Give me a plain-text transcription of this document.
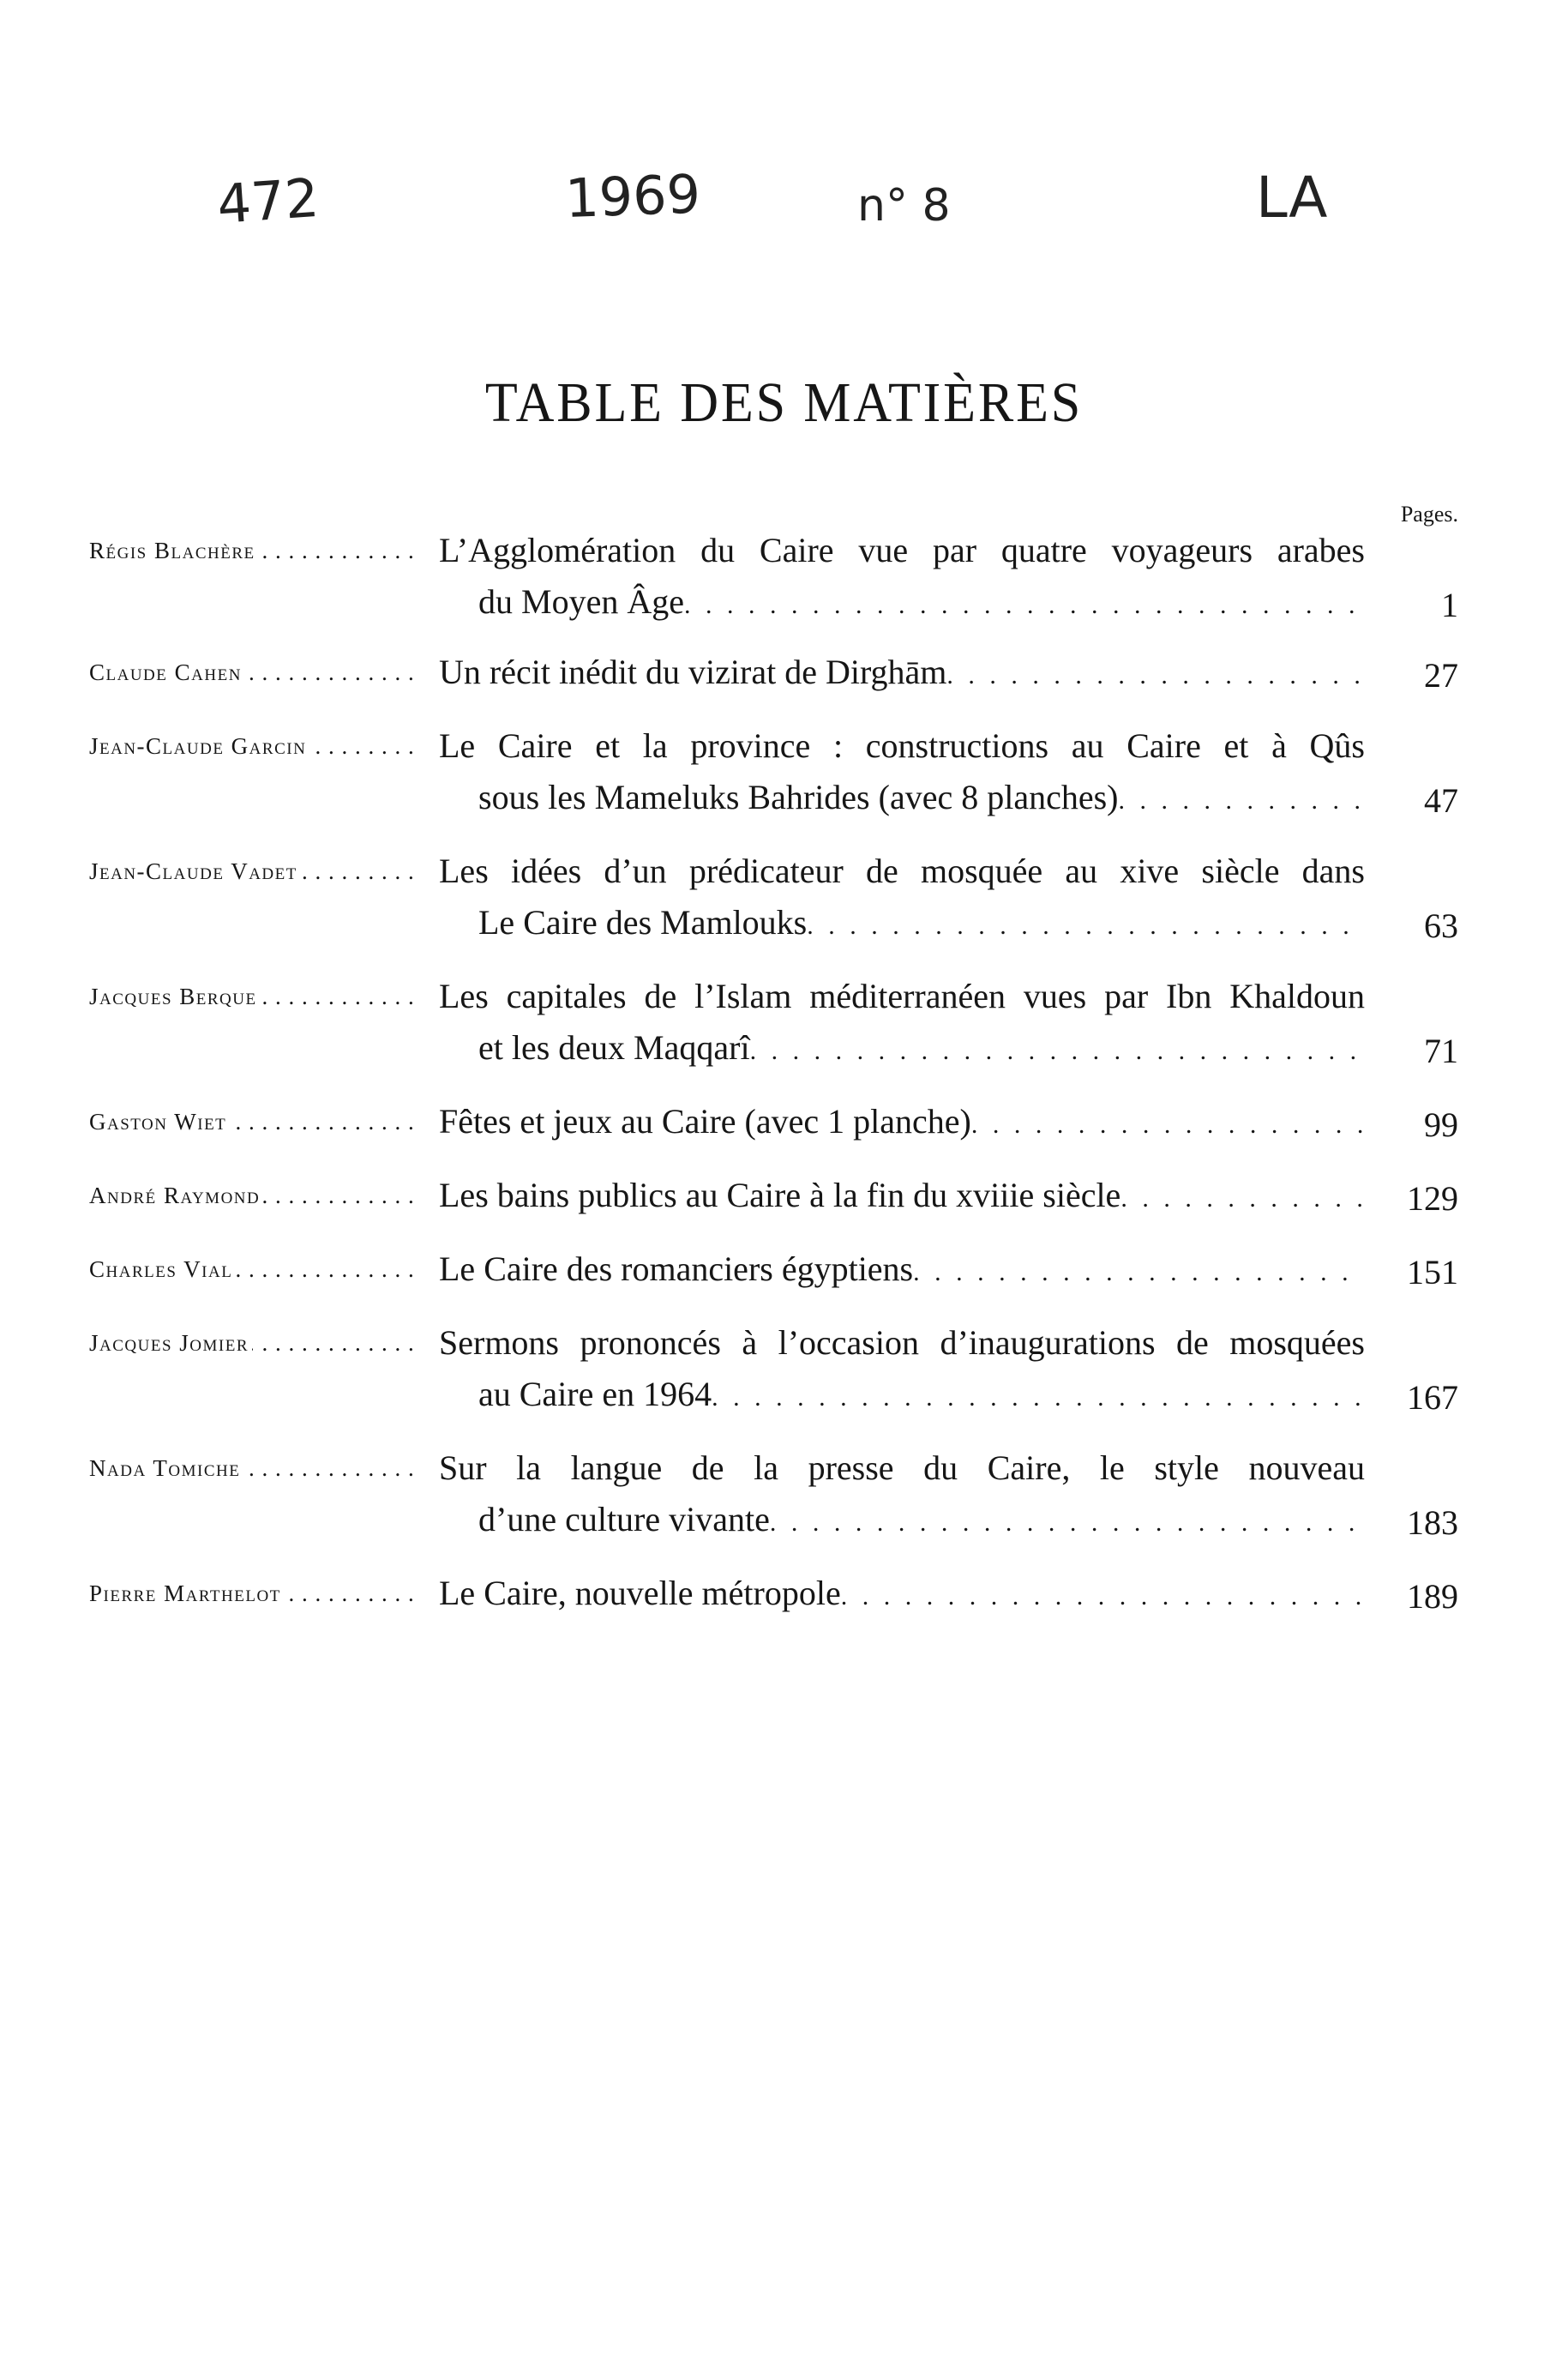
472	1969	n° 8	LA
TABLE DES MATIÈRES
Pages.
Régis Blachère . . .	L’Agglomération du Caire vue par quatre voyageurs arabes
du Moyen Âge . . .	1
Claude Cahen . . .	Un récit inédit du vizirat de Dirghām . . .	27
Jean-Claude Garcin . . .	Le Caire et la province : constructions au Caire et à Qûs
sous les Mameluks Bahrides (avec 8 planches) . . .	47
Jean-Claude Vadet . . .	Les idées d’un prédicateur de mosquée au xive siècle dans
Le Caire des Mamlouks . . .	63
Jacques Berque . . .	Les capitales de l’Islam méditerranéen vues par Ibn Khaldoun
et les deux Maqqarî . . .	71
Gaston Wiet . . .	Fêtes et jeux au Caire (avec 1 planche) . . .	99
André Raymond . . .	Les bains publics au Caire à la fin du xviiie siècle . . .	129
Charles Vial . . .	Le Caire des romanciers égyptiens . . .	151
Jacques Jomier . . .	Sermons prononcés à l’occasion d’inaugurations de mosquées
au Caire en 1964 . . .	167
Nada Tomiche . . .	Sur la langue de la presse du Caire, le style nouveau
d’une culture vivante . . .	183
Pierre Marthelot . . .	Le Caire, nouvelle métropole . . .	189
